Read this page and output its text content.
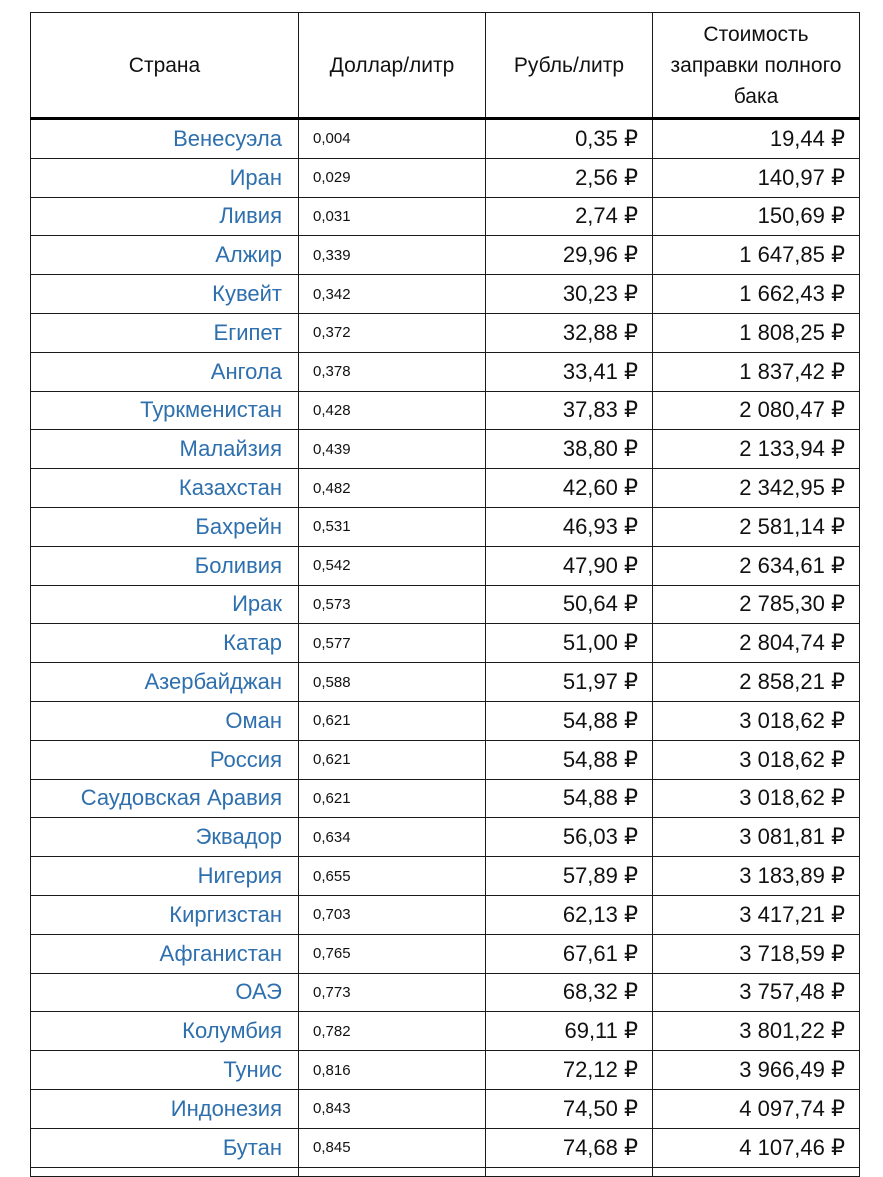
Страна	Доллар/литр	Рубль/литр	Стоимость заправки полного бака
Венесуэла	0,004	0,35 ₽	19,44 ₽
Иран	0,029	2,56 ₽	140,97 ₽
Ливия	0,031	2,74 ₽	150,69 ₽
Алжир	0,339	29,96 ₽	1 647,85 ₽
Кувейт	0,342	30,23 ₽	1 662,43 ₽
Египет	0,372	32,88 ₽	1 808,25 ₽
Ангола	0,378	33,41 ₽	1 837,42 ₽
Туркменистан	0,428	37,83 ₽	2 080,47 ₽
Малайзия	0,439	38,80 ₽	2 133,94 ₽
Казахстан	0,482	42,60 ₽	2 342,95 ₽
Бахрейн	0,531	46,93 ₽	2 581,14 ₽
Боливия	0,542	47,90 ₽	2 634,61 ₽
Ирак	0,573	50,64 ₽	2 785,30 ₽
Катар	0,577	51,00 ₽	2 804,74 ₽
Азербайджан	0,588	51,97 ₽	2 858,21 ₽
Оман	0,621	54,88 ₽	3 018,62 ₽
Россия	0,621	54,88 ₽	3 018,62 ₽
Саудовская Аравия	0,621	54,88 ₽	3 018,62 ₽
Эквадор	0,634	56,03 ₽	3 081,81 ₽
Нигерия	0,655	57,89 ₽	3 183,89 ₽
Киргизстан	0,703	62,13 ₽	3 417,21 ₽
Афганистан	0,765	67,61 ₽	3 718,59 ₽
ОАЭ	0,773	68,32 ₽	3 757,48 ₽
Колумбия	0,782	69,11 ₽	3 801,22 ₽
Тунис	0,816	72,12 ₽	3 966,49 ₽
Индонезия	0,843	74,50 ₽	4 097,74 ₽
Бутан	0,845	74,68 ₽	4 107,46 ₽
